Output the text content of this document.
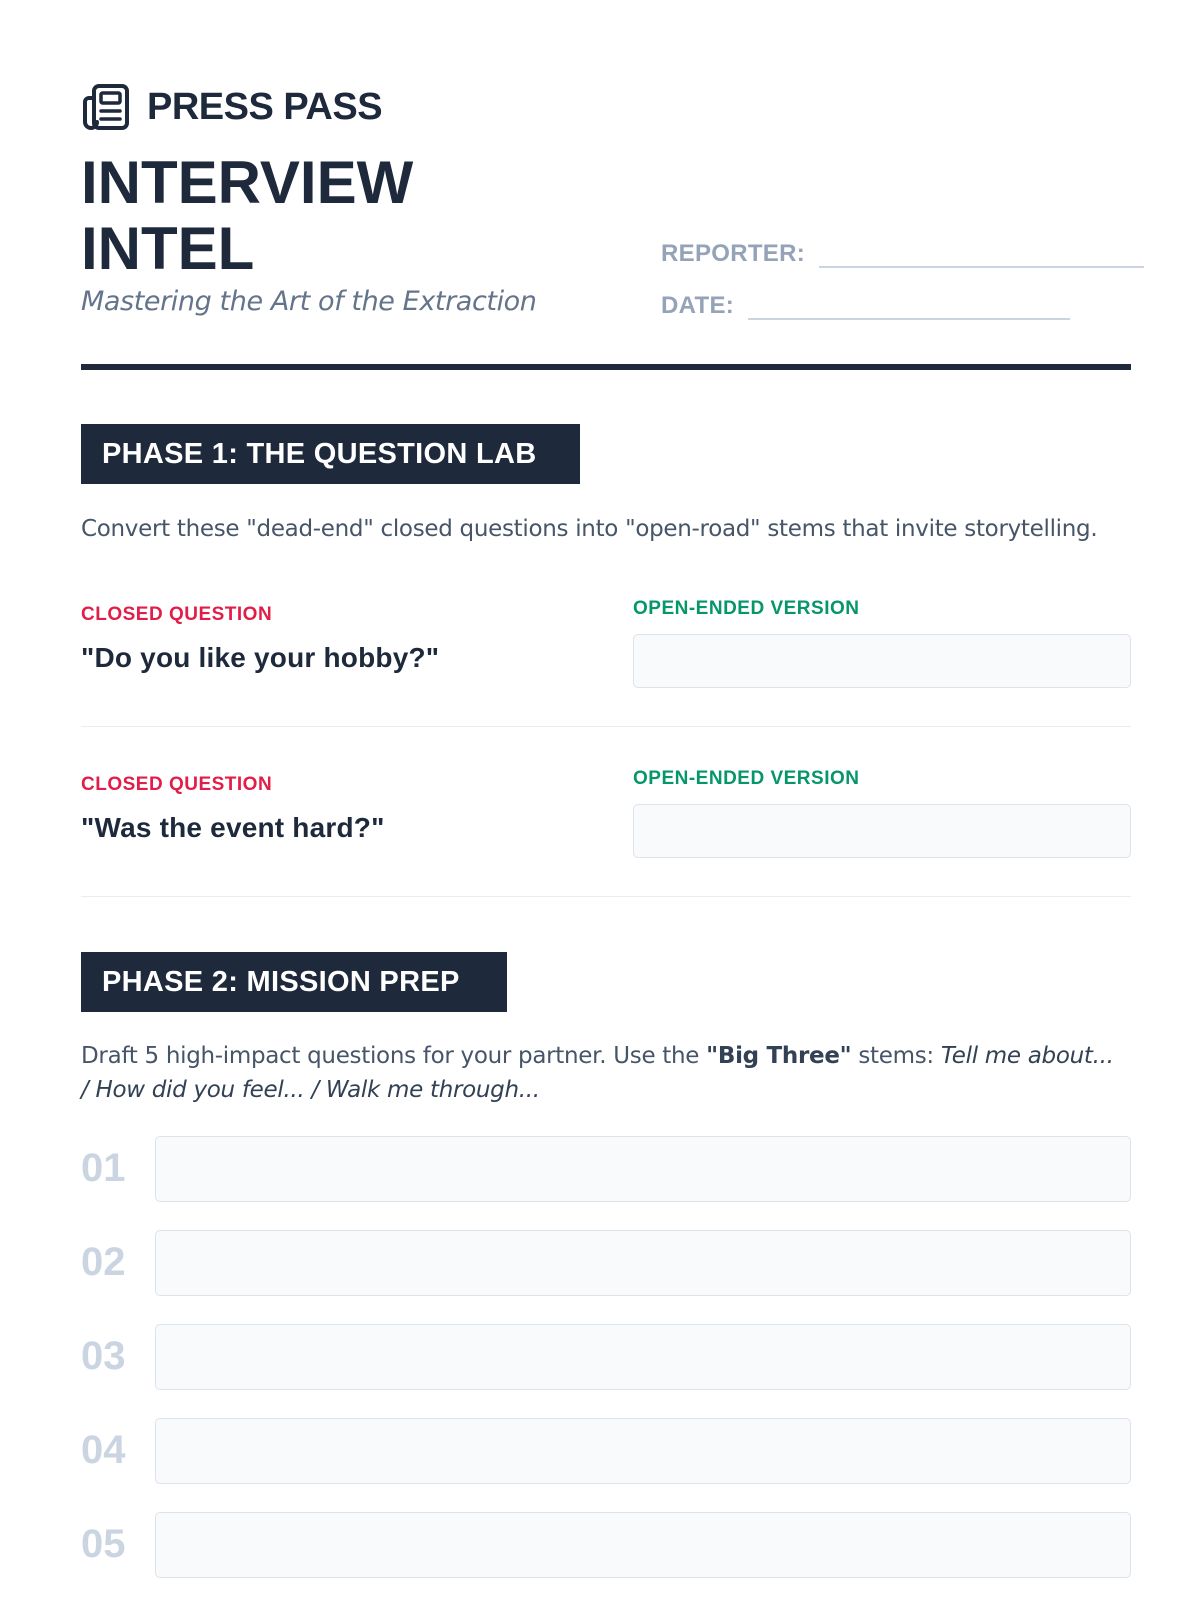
PRESS PASS
INTERVIEW
INTEL
Mastering the Art of the Extraction
REPORTER:
DATE:
PHASE 1: THE QUESTION LAB
Convert these "dead-end" closed questions into "open-road" stems that invite storytelling.
CLOSED QUESTION
"Do you like your hobby?"
OPEN-ENDED VERSION
CLOSED QUESTION
"Was the event hard?"
OPEN-ENDED VERSION
PHASE 2: MISSION PREP
Draft 5 high-impact questions for your partner. Use the "Big Three" stems: Tell me about... / How did you feel... / Walk me through...
01
02
03
04
05
